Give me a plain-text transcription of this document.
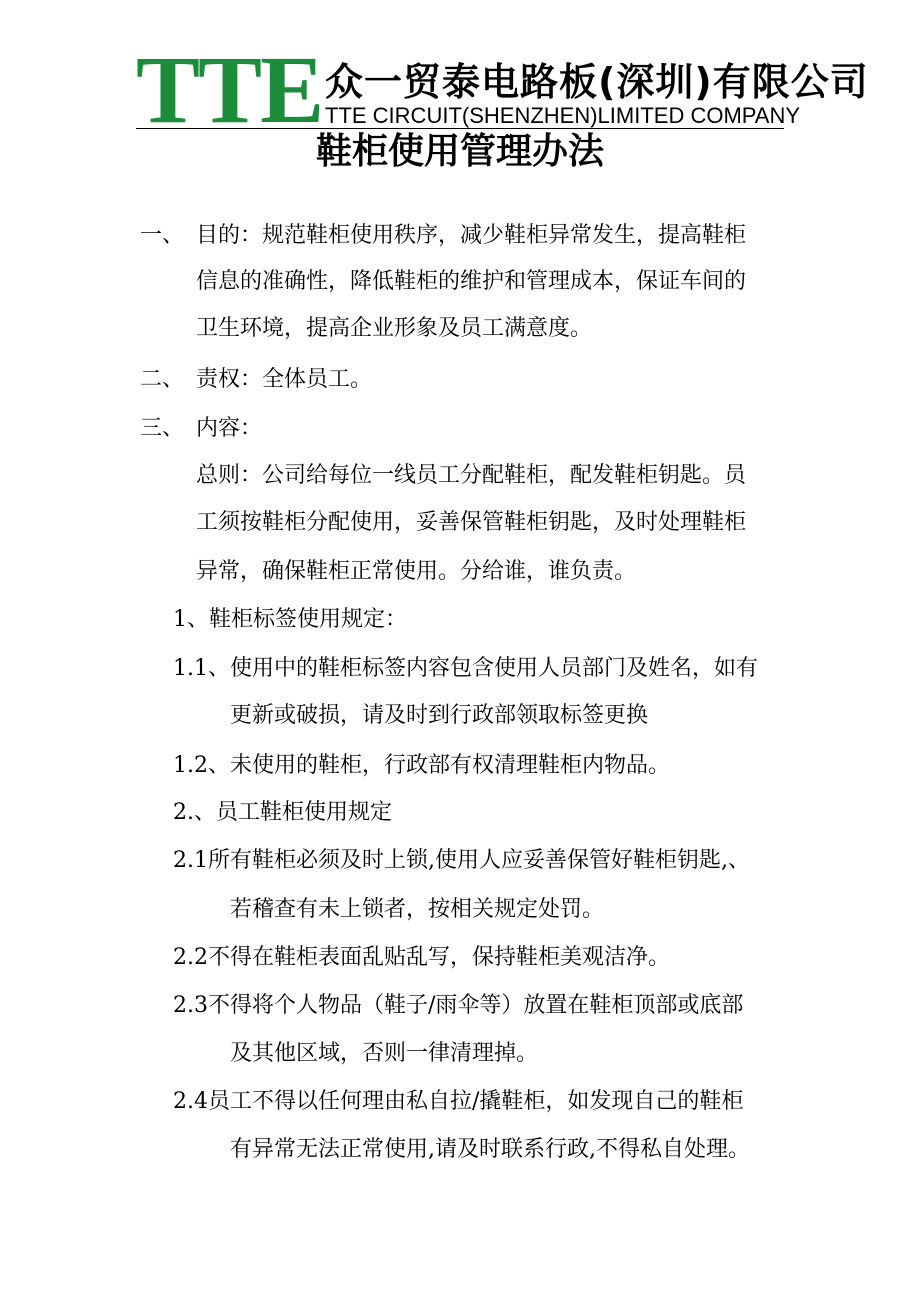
TTE 众一贸泰电路板(深圳)有限公司
TTE CIRCUIT(SHENZHEN)LIMITED COMPANY
鞋柜使用管理办法
一、 目的：规范鞋柜使用秩序，减少鞋柜异常发生，提高鞋柜
信息的准确性，降低鞋柜的维护和管理成本，保证车间的
卫生环境，提高企业形象及员工满意度。
二、 责权：全体员工。
三、 内容：
总则：公司给每位一线员工分配鞋柜，配发鞋柜钥匙。员
工须按鞋柜分配使用，妥善保管鞋柜钥匙，及时处理鞋柜
异常，确保鞋柜正常使用。分给谁，谁负责。
1、鞋柜标签使用规定：
1.1、使用中的鞋柜标签内容包含使用人员部门及姓名，如有
更新或破损，请及时到行政部领取标签更换
1.2、未使用的鞋柜，行政部有权清理鞋柜内物品。
2.、员工鞋柜使用规定
2.1所有鞋柜必须及时上锁,使用人应妥善保管好鞋柜钥匙,、
若稽查有未上锁者，按相关规定处罚。
2.2不得在鞋柜表面乱贴乱写，保持鞋柜美观洁净。
2.3不得将个人物品（鞋子/雨伞等）放置在鞋柜顶部或底部
及其他区域，否则一律清理掉。
2.4员工不得以任何理由私自拉/撬鞋柜，如发现自己的鞋柜
有异常无法正常使用,请及时联系行政,不得私自处理。
